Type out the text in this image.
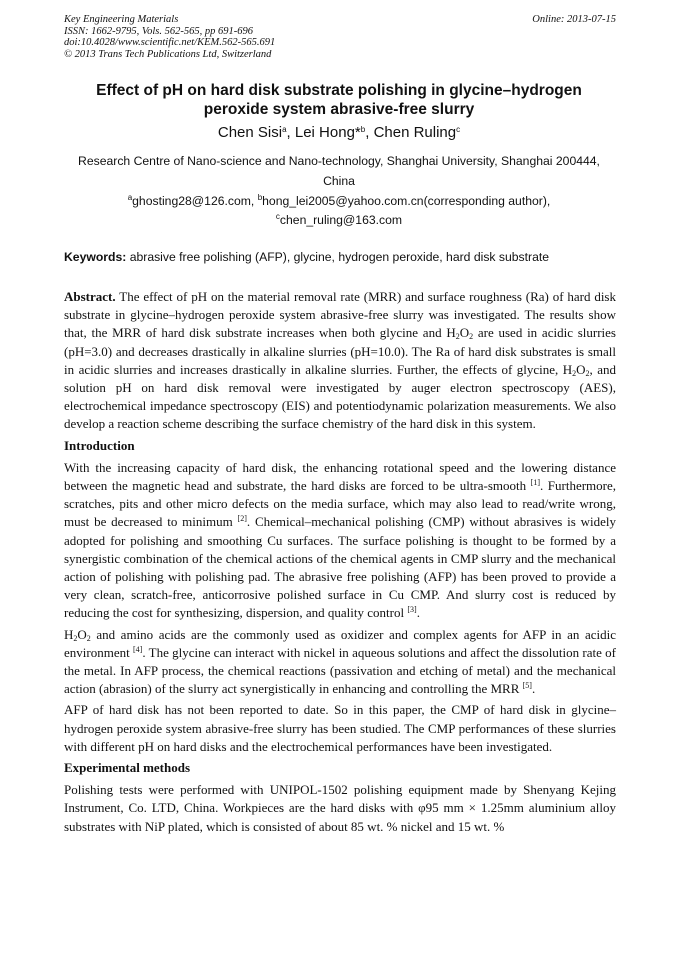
Key Engineering Materials
ISSN: 1662-9795, Vols. 562-565, pp 691-696
doi:10.4028/www.scientific.net/KEM.562-565.691
© 2013 Trans Tech Publications Ltd, Switzerland
Online: 2013-07-15
Effect of pH on hard disk substrate polishing in glycine–hydrogen peroxide system abrasive-free slurry
Chen Sisi$^a$, Lei Hong*$^b$, Chen Ruling$^c$
Research Centre of Nano-science and Nano-technology, Shanghai University, Shanghai 200444, China
$^a$ghosting28@126.com, $^b$hong_lei2005@yahoo.com.cn(corresponding author),
$^c$chen_ruling@163.com
Keywords: abrasive free polishing (AFP), glycine, hydrogen peroxide, hard disk substrate

Abstract. The effect of pH on the material removal rate (MRR) and surface roughness (Ra) of hard disk substrate in glycine–hydrogen peroxide system abrasive-free slurry was investigated. The results show that, the MRR of hard disk substrate increases when both glycine and $H_2O_2$ are used in acidic slurries (pH=3.0) and decreases drastically in alkaline slurries (pH=10.0). The Ra of hard disk substrates is small in acidic slurries and increases drastically in alkaline slurries. Further, the effects of glycine, $H_2O_2$, and solution pH on hard disk removal were investigated by auger electron spectroscopy (AES), electrochemical impedance spectroscopy (EIS) and potentiodynamic polarization measurements. We also develop a reaction scheme describing the surface chemistry of the hard disk in this system.

Introduction

With the increasing capacity of hard disk, the enhancing rotational speed and the lowering distance between the magnetic head and substrate, the hard disks are forced to be ultra-smooth [1]. Furthermore, scratches, pits and other micro defects on the media surface, which may also lead to read/write wrong, must be decreased to minimum [2]. Chemical–mechanical polishing (CMP) without abrasives is widely adopted for polishing and smoothing Cu surfaces. The surface polishing is thought to be formed by a synergistic combination of the chemical actions of the chemical agents in CMP slurry and the mechanical action of polishing with polishing pad. The abrasive free polishing (AFP) has been proved to provide a very clean, scratch-free, anticorrosive polished surface in Cu CMP. And slurry cost is reduced by reducing the cost for synthesizing, dispersion, and quality control [3].

$H_2O_2$ and amino acids are the commonly used as oxidizer and complex agents for AFP in an acidic environment [4]. The glycine can interact with nickel in aqueous solutions and affect the dissolution rate of the metal. In AFP process, the chemical reactions (passivation and etching of metal) and the mechanical action (abrasion) of the slurry act synergistically in enhancing and controlling the MRR [5].

AFP of hard disk has not been reported to date. So in this paper, the CMP of hard disk in glycine–hydrogen peroxide system abrasive-free slurry has been studied. The CMP performances of these slurries with different pH on hard disks and the electrochemical performances have been investigated.

Experimental methods

Polishing tests were performed with UNIPOL-1502 polishing equipment made by Shenyang Kejing Instrument, Co. LTD, China. Workpieces are the hard disks with φ95 mm × 1.25mm aluminium alloy substrates with NiP plated, which is consisted of about 85 wt. % nickel and 15 wt. %
